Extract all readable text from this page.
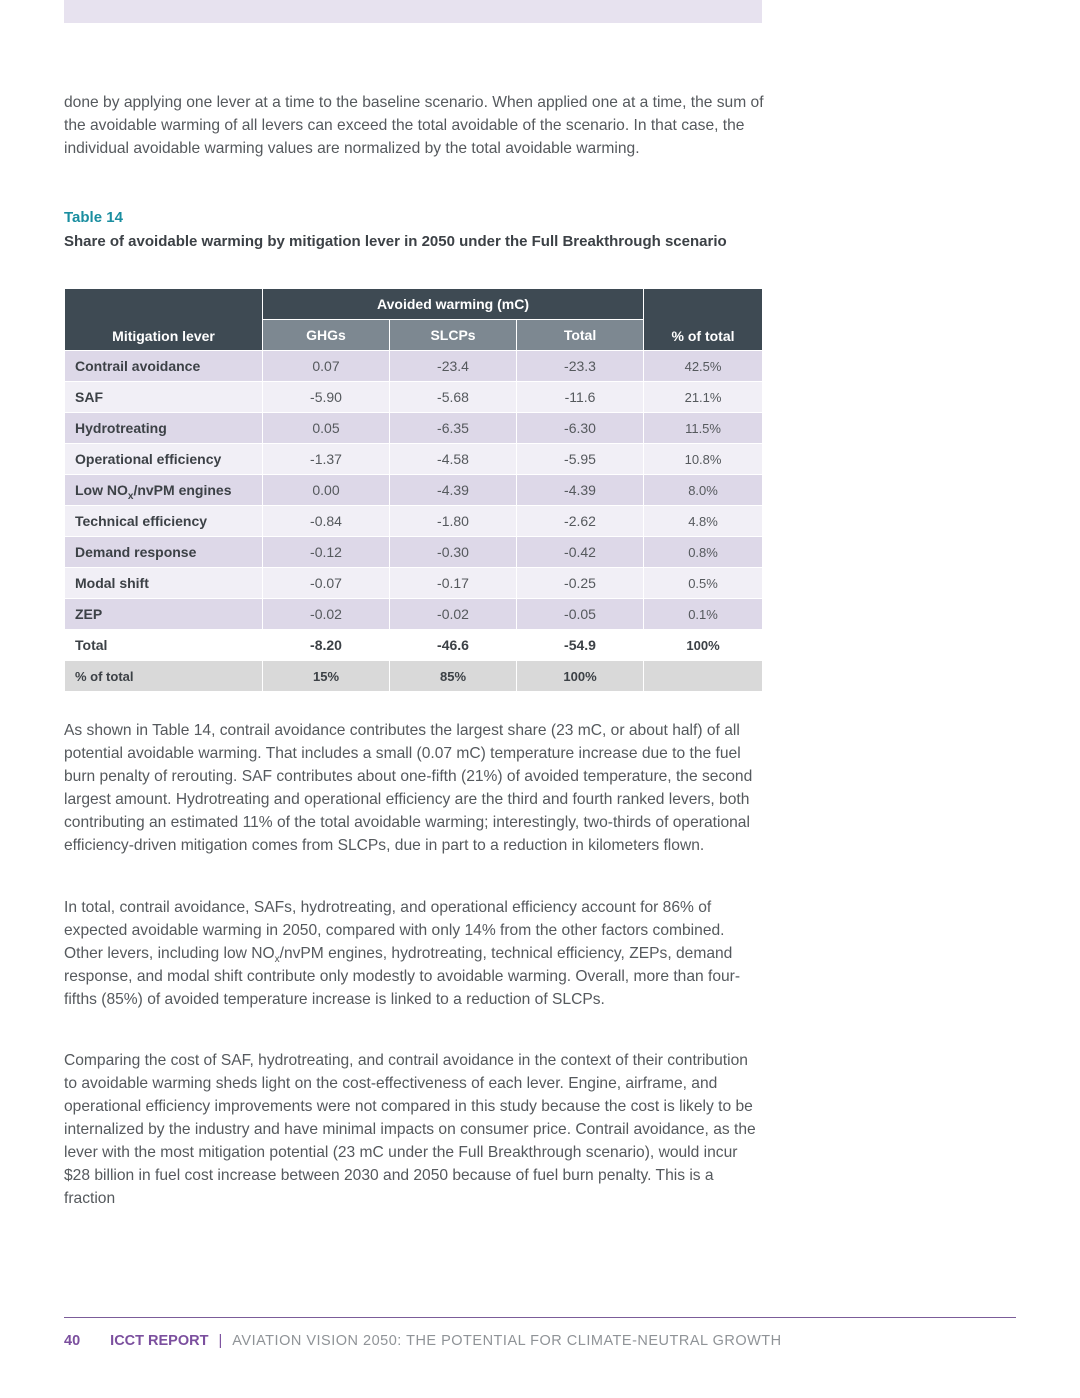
done by applying one lever at a time to the baseline scenario. When applied one at a time, the sum of the avoidable warming of all levers can exceed the total avoidable of the scenario. In that case, the individual avoidable warming values are normalized by the total avoidable warming.

Table 14

Share of avoidable warming by mitigation lever in 2050 under the Full Breakthrough scenario

Mitigation lever	Avoided warming (mC)			% of total
	GHGs	SLCPs	Total	
Contrail avoidance	0.07	-23.4	-23.3	42.5%
SAF	-5.90	-5.68	-11.6	21.1%
Hydrotreating	0.05	-6.35	-6.30	11.5%
Operational efficiency	-1.37	-4.58	-5.95	10.8%
Low $NO_x$/nvPM engines	0.00	-4.39	-4.39	8.0%
Technical efficiency	-0.84	-1.80	-2.62	4.8%
Demand response	-0.12	-0.30	-0.42	0.8%
Modal shift	-0.07	-0.17	-0.25	0.5%
ZEP	-0.02	-0.02	-0.05	0.1%
Total	-8.20	-46.6	-54.9	100%
% of total	15%	85%	100%	

As shown in Table 14, contrail avoidance contributes the largest share (23 mC, or about half) of all potential avoidable warming. That includes a small (0.07 mC) temperature increase due to the fuel burn penalty of rerouting. SAF contributes about one-fifth (21%) of avoided temperature, the second largest amount. Hydrotreating and operational efficiency are the third and fourth ranked levers, both contributing an estimated 11% of the total avoidable warming; interestingly, two-thirds of operational efficiency-driven mitigation comes from SLCPs, due in part to a reduction in kilometers flown.

In total, contrail avoidance, SAFs, hydrotreating, and operational efficiency account for 86% of expected avoidable warming in 2050, compared with only 14% from the other factors combined. Other levers, including low $NO_x$/nvPM engines, hydrotreating, technical efficiency, ZEPs, demand response, and modal shift contribute only modestly to avoidable warming. Overall, more than four-fifths (85%) of avoided temperature increase is linked to a reduction of SLCPs.

Comparing the cost of SAF, hydrotreating, and contrail avoidance in the context of their contribution to avoidable warming sheds light on the cost-effectiveness of each lever. Engine, airframe, and operational efficiency improvements were not compared in this study because the cost is likely to be internalized by the industry and have minimal impacts on consumer price. Contrail avoidance, as the lever with the most mitigation potential (23 mC under the Full Breakthrough scenario), would incur $28 billion in fuel cost increase between 2030 and 2050 because of fuel burn penalty. This is a fraction

40 ICCT REPORT | AVIATION VISION 2050: THE POTENTIAL FOR CLIMATE-NEUTRAL GROWTH
